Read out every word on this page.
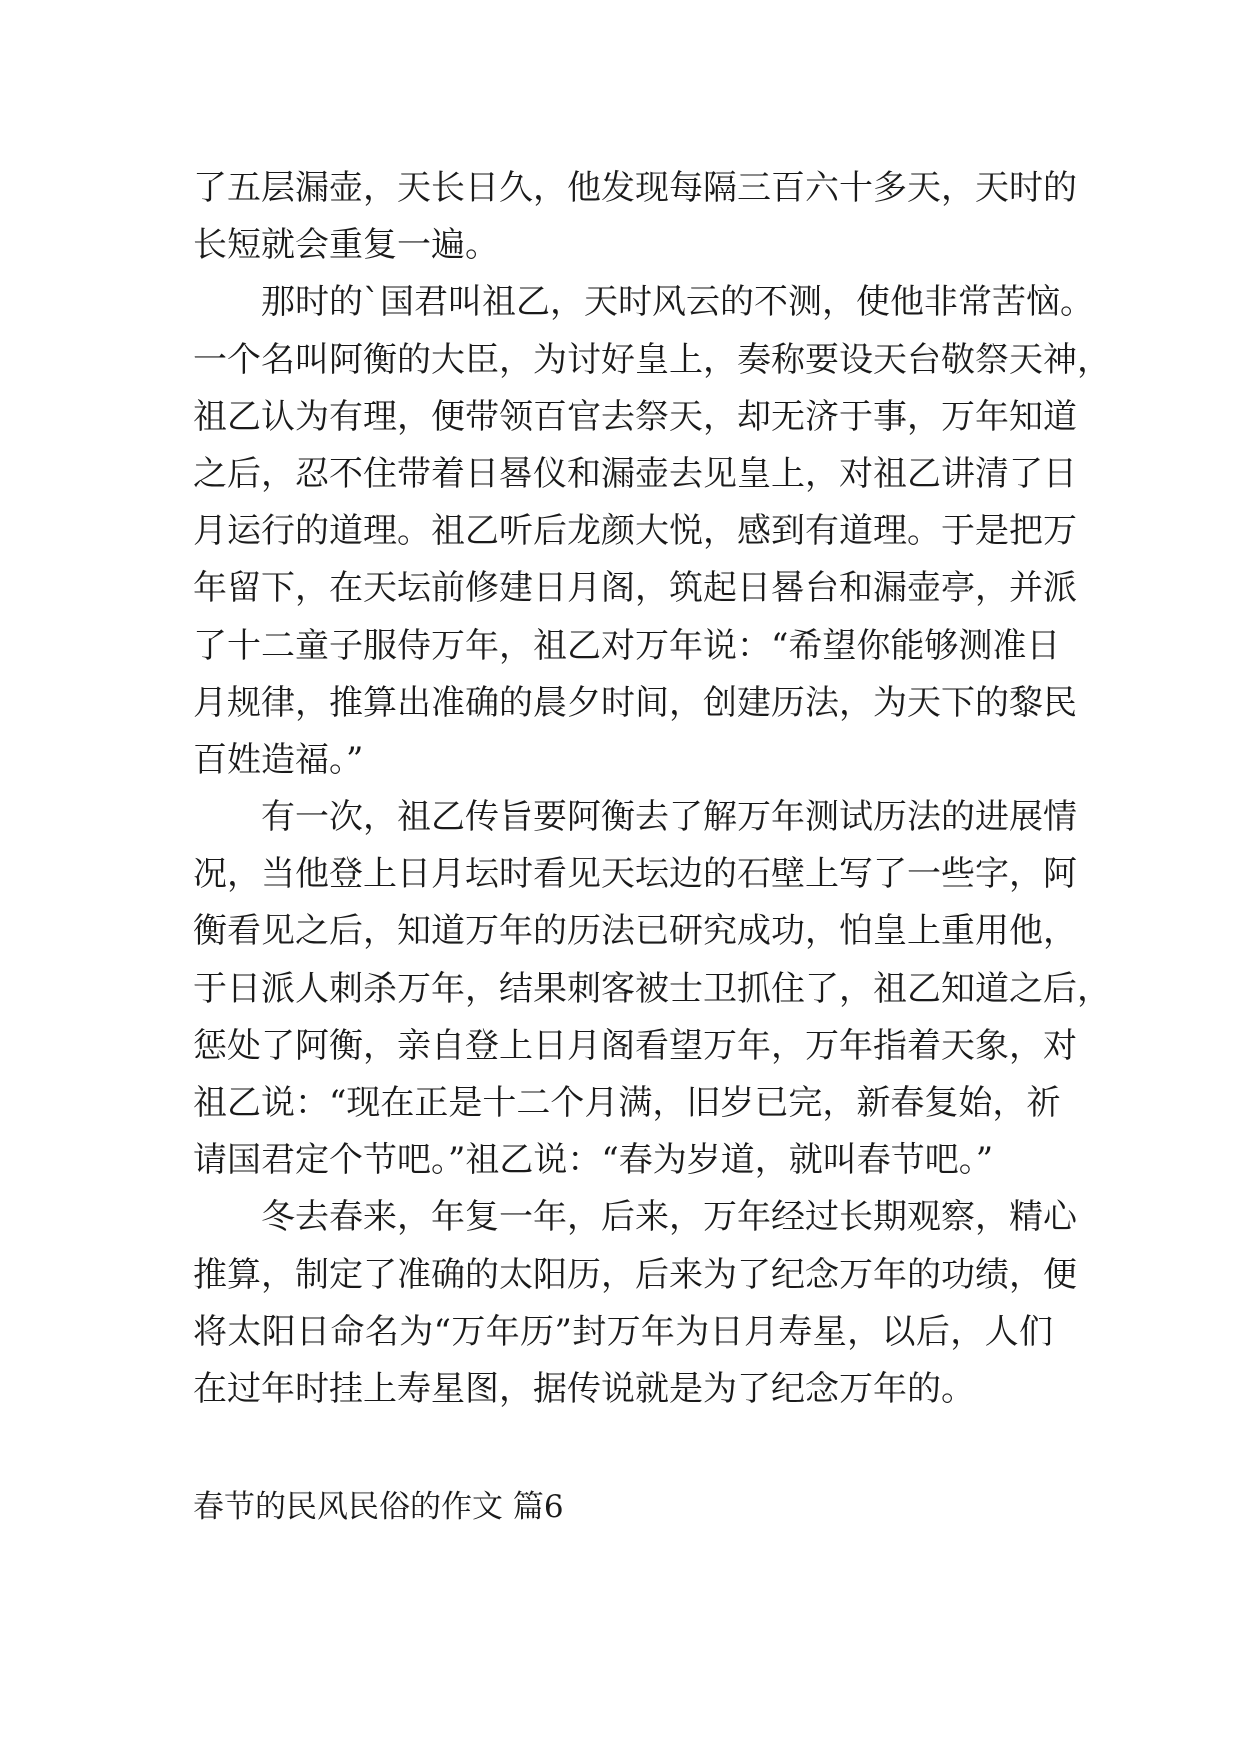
了五层漏壶，天长日久，他发现每隔三百六十多天，天时的
长短就会重复一遍。
那时的`国君叫祖乙，天时风云的不测，使他非常苦恼。
一个名叫阿衡的大臣，为讨好皇上，奏称要设天台敬祭天神，
祖乙认为有理，便带领百官去祭天，却无济于事，万年知道
之后，忍不住带着日晷仪和漏壶去见皇上，对祖乙讲清了日
月运行的道理。祖乙听后龙颜大悦，感到有道理。于是把万
年留下，在天坛前修建日月阁，筑起日晷台和漏壶亭，并派
了十二童子服侍万年，祖乙对万年说：“希望你能够测准日
月规律，推算出准确的晨夕时间，创建历法，为天下的黎民
百姓造福。”
有一次，祖乙传旨要阿衡去了解万年测试历法的进展情
况，当他登上日月坛时看见天坛边的石壁上写了一些字，阿
衡看见之后，知道万年的历法已研究成功，怕皇上重用他，
于日派人刺杀万年，结果刺客被士卫抓住了，祖乙知道之后，
惩处了阿衡，亲自登上日月阁看望万年，万年指着天象，对
祖乙说：“现在正是十二个月满，旧岁已完，新春复始，祈
请国君定个节吧。”祖乙说：“春为岁道，就叫春节吧。”
冬去春来，年复一年，后来，万年经过长期观察，精心
推算，制定了准确的太阳历，后来为了纪念万年的功绩，便
将太阳日命名为“万年历”封万年为日月寿星，以后，人们
在过年时挂上寿星图，据传说就是为了纪念万年的。
春节的民风民俗的作文 篇6
